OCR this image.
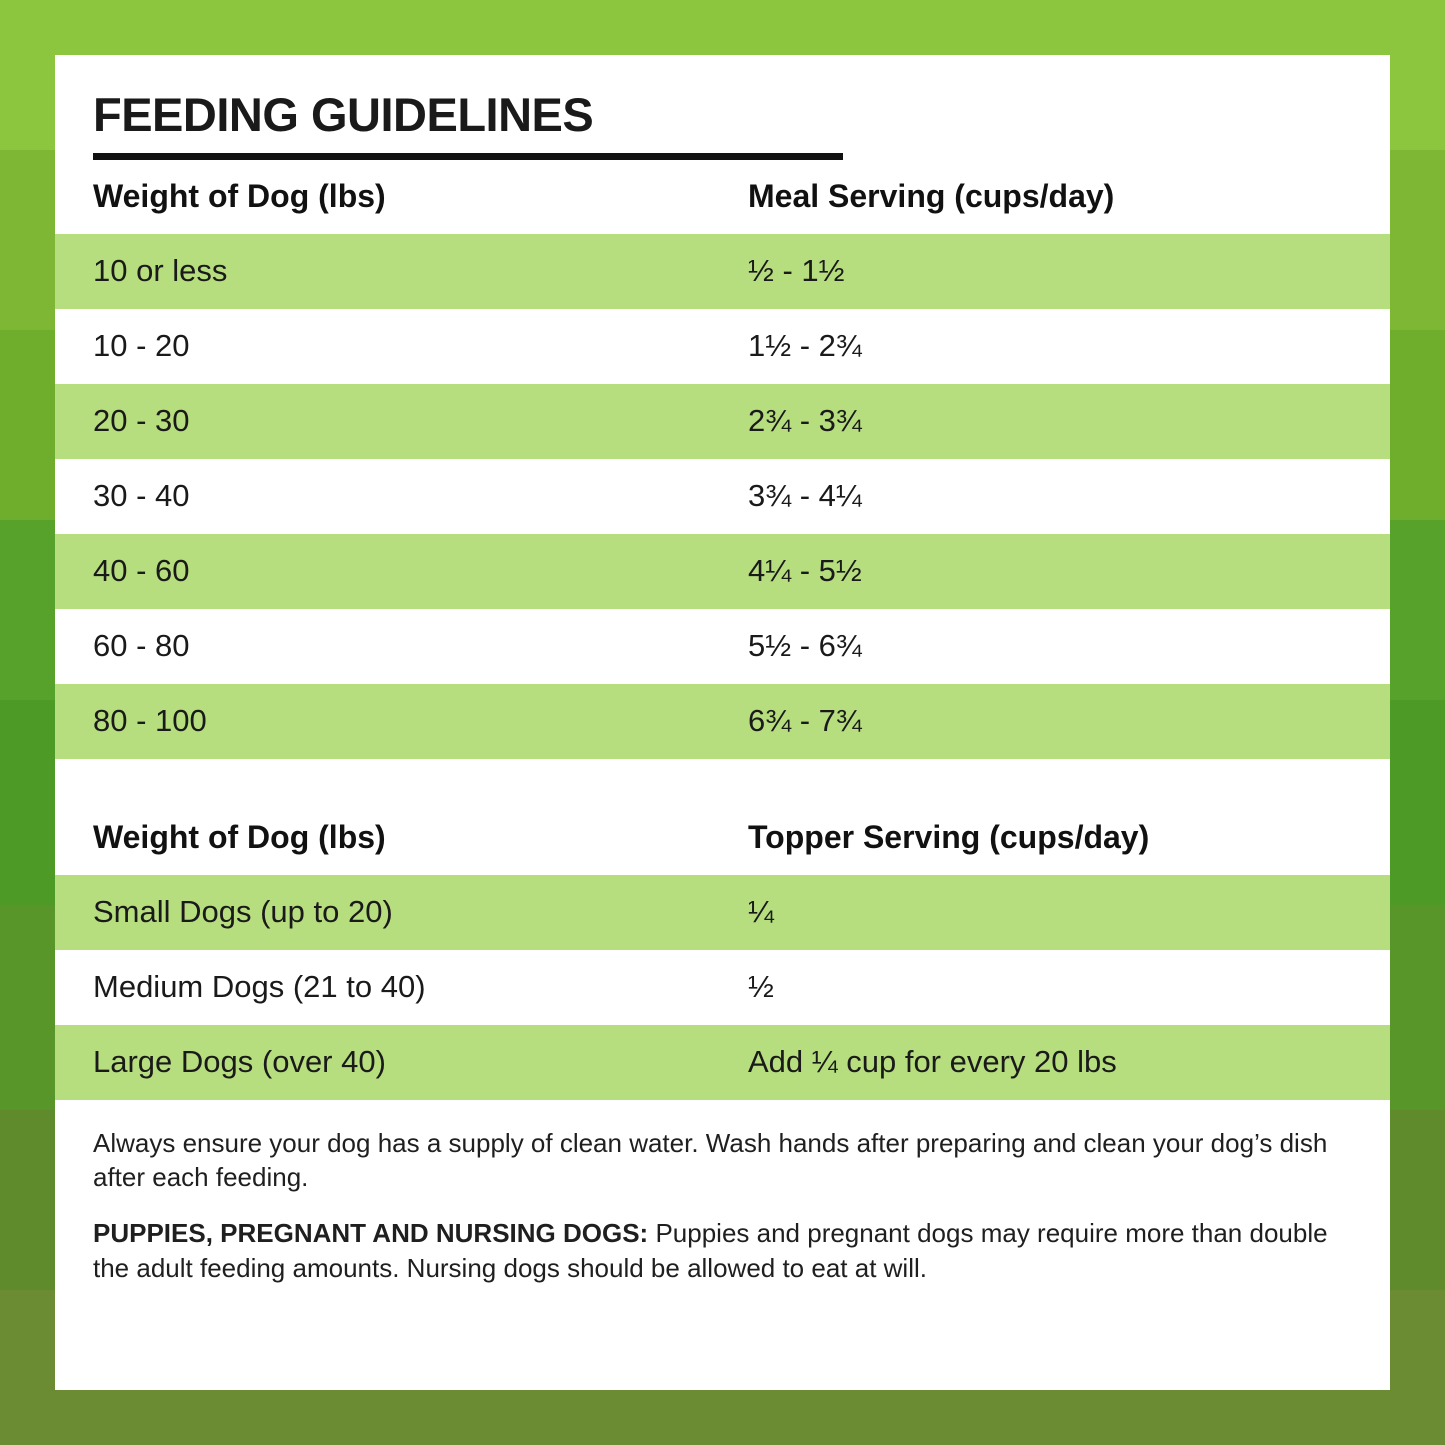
FEEDING GUIDELINES
Weight of Dog (lbs)	Meal Serving (cups/day)
10 or less	½ - 1½
10 - 20	1½ - 2¾
20 - 30	2¾ - 3¾
30 - 40	3¾ - 4¼
40 - 60	4¼ - 5½
60 - 80	5½ - 6¾
80 - 100	6¾ - 7¾

Weight of Dog (lbs)	Topper Serving (cups/day)
Small Dogs (up to 20)	¼
Medium Dogs (21 to 40)	½
Large Dogs (over 40)	Add ¼ cup for every 20 lbs

Always ensure your dog has a supply of clean water. Wash hands after preparing and clean your dog’s dish after each feeding.

PUPPIES, PREGNANT AND NURSING DOGS: Puppies and pregnant dogs may require more than double the adult feeding amounts. Nursing dogs should be allowed to eat at will.
